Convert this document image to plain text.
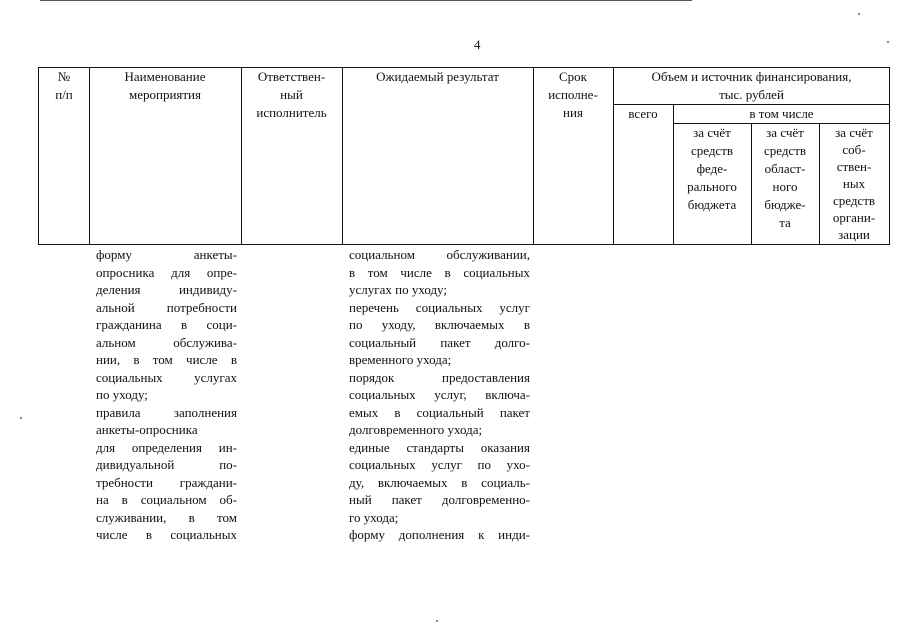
4
№
п/п
Наименование
мероприятия
Ответствен-
ный
исполнитель
Ожидаемый результат	Срок
исполне-
ния
Объем и источник финансирования,
тыс. рублей
всего	в том числе
за счёт
средств
феде-
рального
бюджета
за счёт
средств
област-
ного
бюдже-
та
за счёт
соб-
ствен-
ных
средств
органи-
зации
форму анкеты-
опросника для опре-
деления индивиду-
альной потребности
гражданина в соци-
альном обслужива-
нии, в том числе в
социальных услугах
по уходу;
правила заполнения
анкеты-опросника
для определения ин-
дивидуальной по-
требности граждани-
на в социальном об-
служивании, в том
числе в социальных
социальном обслуживании,
в том числе в социальных
услугах по уходу;
перечень социальных услуг
по уходу, включаемых в
социальный пакет долго-
временного ухода;
порядок предоставления
социальных услуг, включа-
емых в социальный пакет
долговременного ухода;
единые стандарты оказания
социальных услуг по ухо-
ду, включаемых в социаль-
ный пакет долговременно-
го ухода;
форму дополнения к инди-
